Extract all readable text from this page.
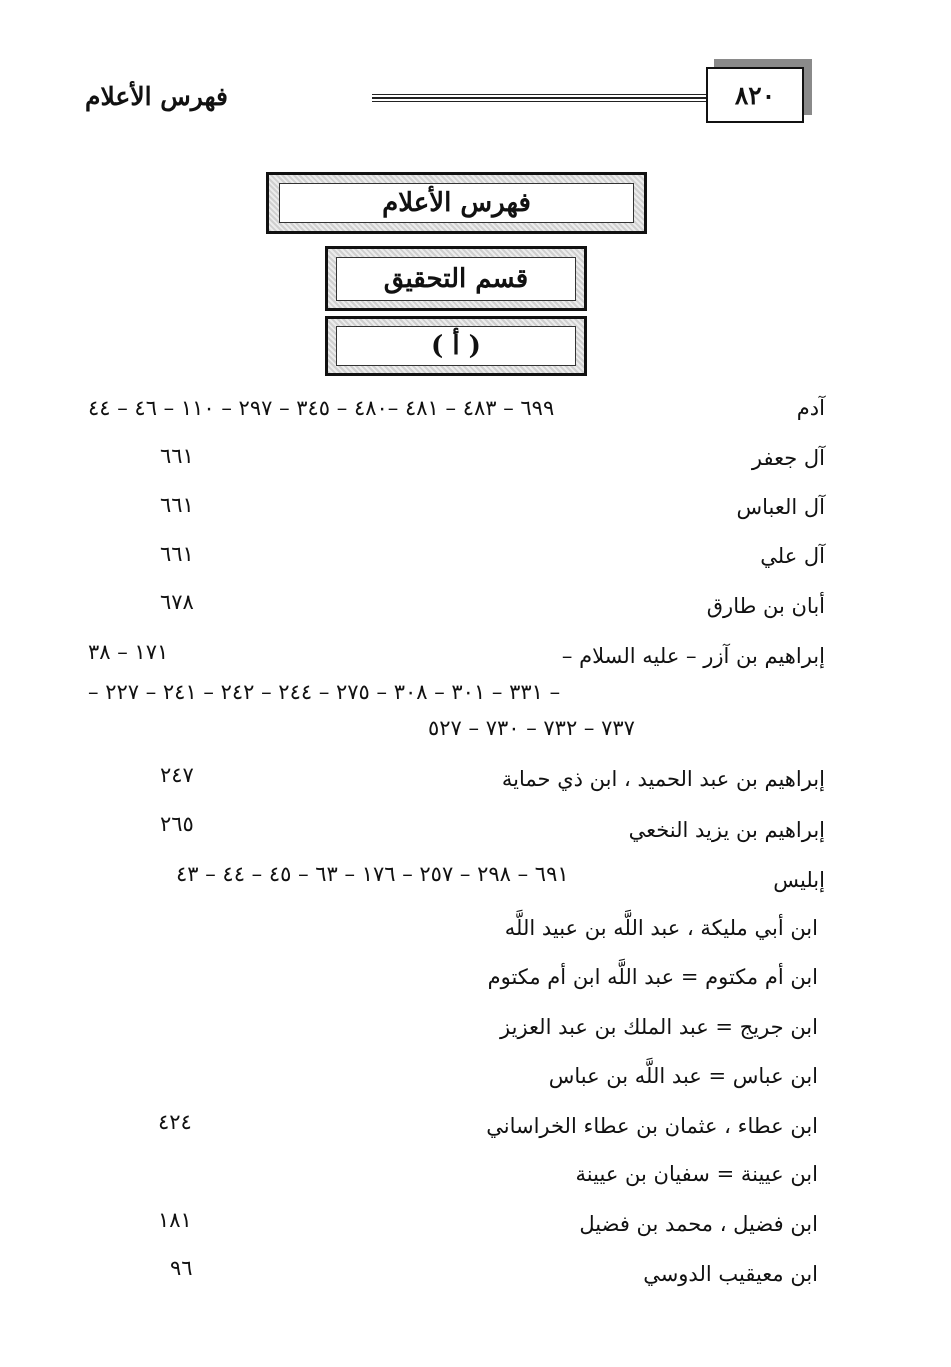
فهرس الأعلام	٨٢٠
فهرس الأعلام
قسم التحقيق
( أ )
آدم
٦٩٩ – ٤٨٣ – ٤٨١ –٤٨٠ – ٣٤٥ – ٢٩٧ – ١١٠ – ٤٦ – ٤٤
آل جعفر
٦٦١
آل العباس
٦٦١
آل علي
٦٦١
أبان بن طارق
٦٧٨
إبراهيم بن آزر – عليه السلام –
١٧١ – ٣٨
– ٣٣١ – ٣٠١ – ٣٠٨ – ٢٧٥ – ٢٤٤ – ٢٤٢ – ٢٤١ – ٢٢٧ –
٧٣٧ – ٧٣٢ – ٧٣٠ – ٥٢٧
إبراهيم بن عبد الحميد ، ابن ذي حماية
٢٤٧
إبراهيم بن يزيد النخعي
٢٦٥
إبليس
٦٩١ – ٢٩٨ – ٢٥٧ – ١٧٦ – ٦٣ – ٤٥ – ٤٤ – ٤٣
ابن أبي مليكة ، عبد اللَّه بن عبيد اللَّه
ابن أم مكتوم = عبد اللَّه ابن أم مكتوم
ابن جريج = عبد الملك بن عبد العزيز
ابن عباس = عبد اللَّه بن عباس
ابن عطاء ، عثمان بن عطاء الخراساني
٤٢٤
ابن عيينة = سفيان بن عيينة
ابن فضيل ، محمد بن فضيل
١٨١
ابن معيقيب الدوسي
٩٦
